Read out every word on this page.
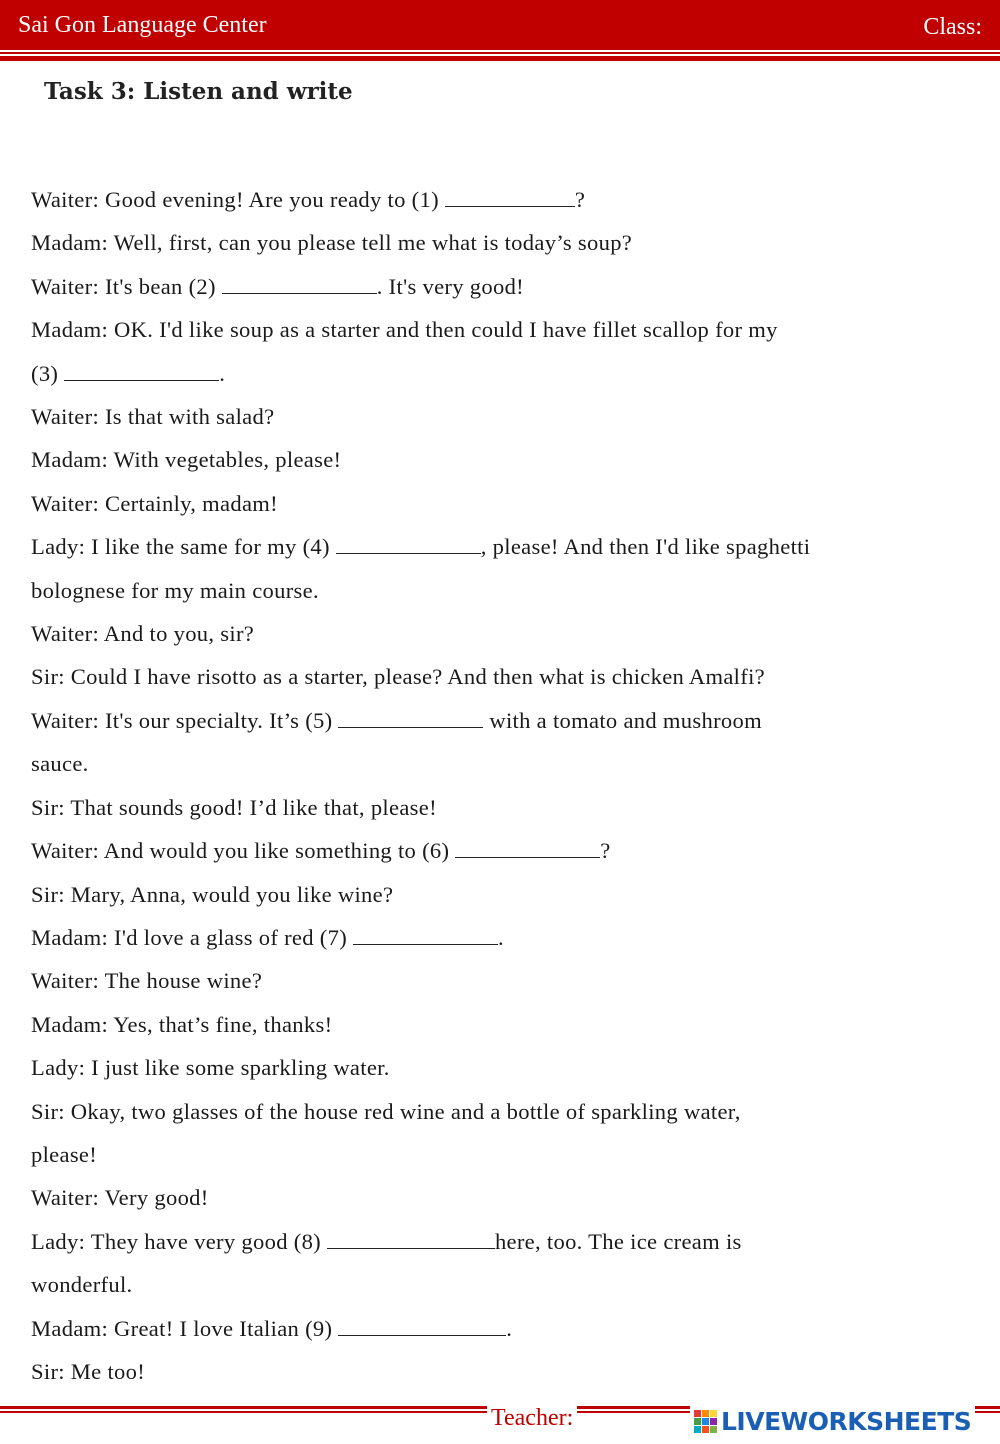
Sai Gon Language Center	Class:
Task 3: Listen and write
Waiter: Good evening! Are you ready to (1)	?
Madam: Well, first, can you please tell me what is today’s soup?
Waiter: It's bean (2)	. It's very good!
Madam: OK. I'd like soup as a starter and then could I have fillet scallop for my
(3)	.
Waiter: Is that with salad?
Madam: With vegetables, please!
Waiter: Certainly, madam!
Lady: I like the same for my (4)	, please! And then I'd like spaghetti
bolognese for my main course.
Waiter: And to you, sir?
Sir: Could I have risotto as a starter, please? And then what is chicken Amalfi?
Waiter: It's our specialty. It’s (5)	with a tomato and mushroom
sauce.
Sir: That sounds good! I’d like that, please!
Waiter: And would you like something to (6)	?
Sir: Mary, Anna, would you like wine?
Madam: I'd love a glass of red (7)	.
Waiter: The house wine?
Madam: Yes, that’s fine, thanks!
Lady: I just like some sparkling water.
Sir: Okay, two glasses of the house red wine and a bottle of sparkling water,
please!
Waiter: Very good!
Lady: They have very good (8)	here, too. The ice cream is
wonderful.
Madam: Great! I love Italian (9)	.
Sir: Me too!
Teacher:	LIVEWORKSHEETS
